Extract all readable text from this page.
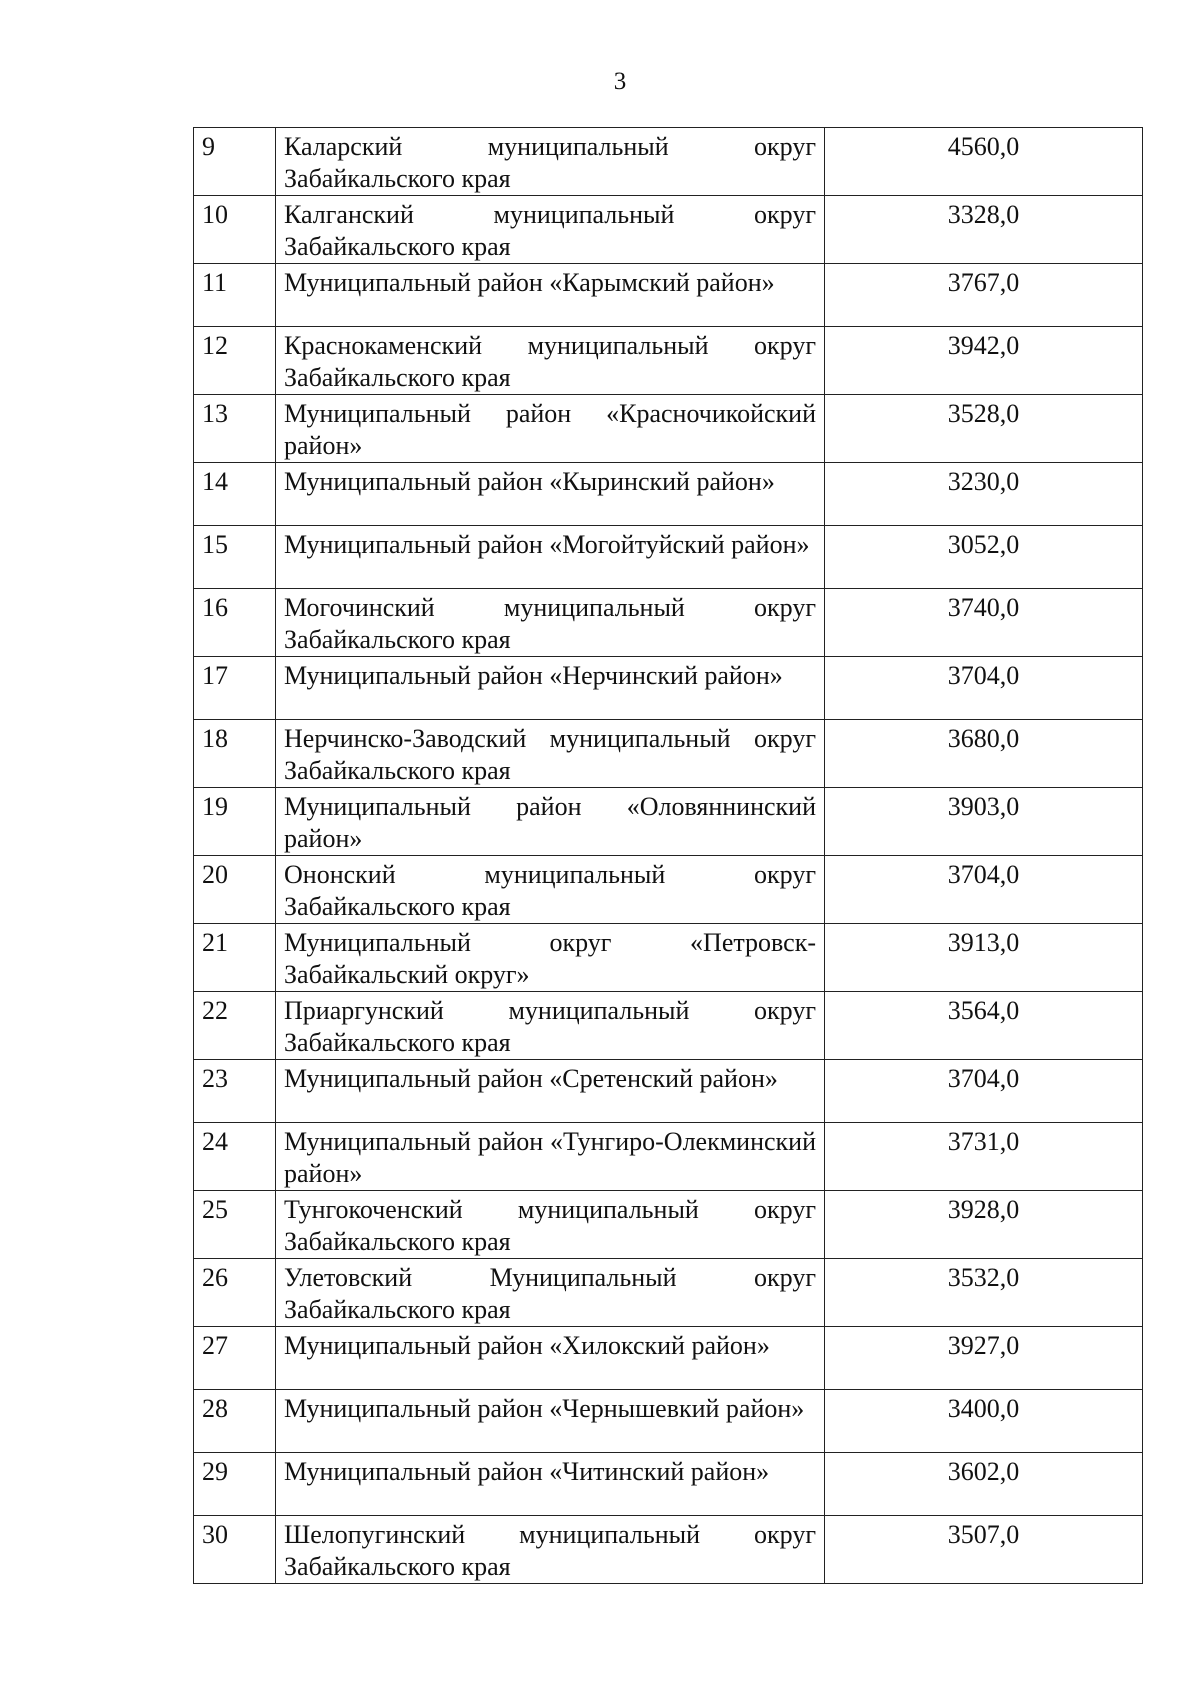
3
9	Каларский муниципальный округ Забайкальского края	4560,0
10	Калганский муниципальный округ Забайкальского края	3328,0
11	Муниципальный район «Карымский район»	3767,0
12	Краснокаменский муниципальный округ Забайкальского края	3942,0
13	Муниципальный район «Красночикойский район»	3528,0
14	Муниципальный район «Кыринский район»	3230,0
15	Муниципальный район «Могойтуйский район»	3052,0
16	Могочинский муниципальный округ Забайкальского края	3740,0
17	Муниципальный район «Нерчинский район»	3704,0
18	Нерчинско-Заводский муниципальный округ Забайкальского края	3680,0
19	Муниципальный район «Оловяннинский район»	3903,0
20	Ононский муниципальный округ Забайкальского края	3704,0
21	Муниципальный округ «Петровск-Забайкальский округ»	3913,0
22	Приаргунский муниципальный округ Забайкальского края	3564,0
23	Муниципальный район «Сретенский район»	3704,0
24	Муниципальный район «Тунгиро-Олекминский район»	3731,0
25	Тунгокоченский муниципальный округ Забайкальского края	3928,0
26	Улетовский Муниципальный округ Забайкальского края	3532,0
27	Муниципальный район «Хилокский район»	3927,0
28	Муниципальный район «Чернышевкий район»	3400,0
29	Муниципальный район «Читинский район»	3602,0
30	Шелопугинский муниципальный округ Забайкальского края	3507,0
